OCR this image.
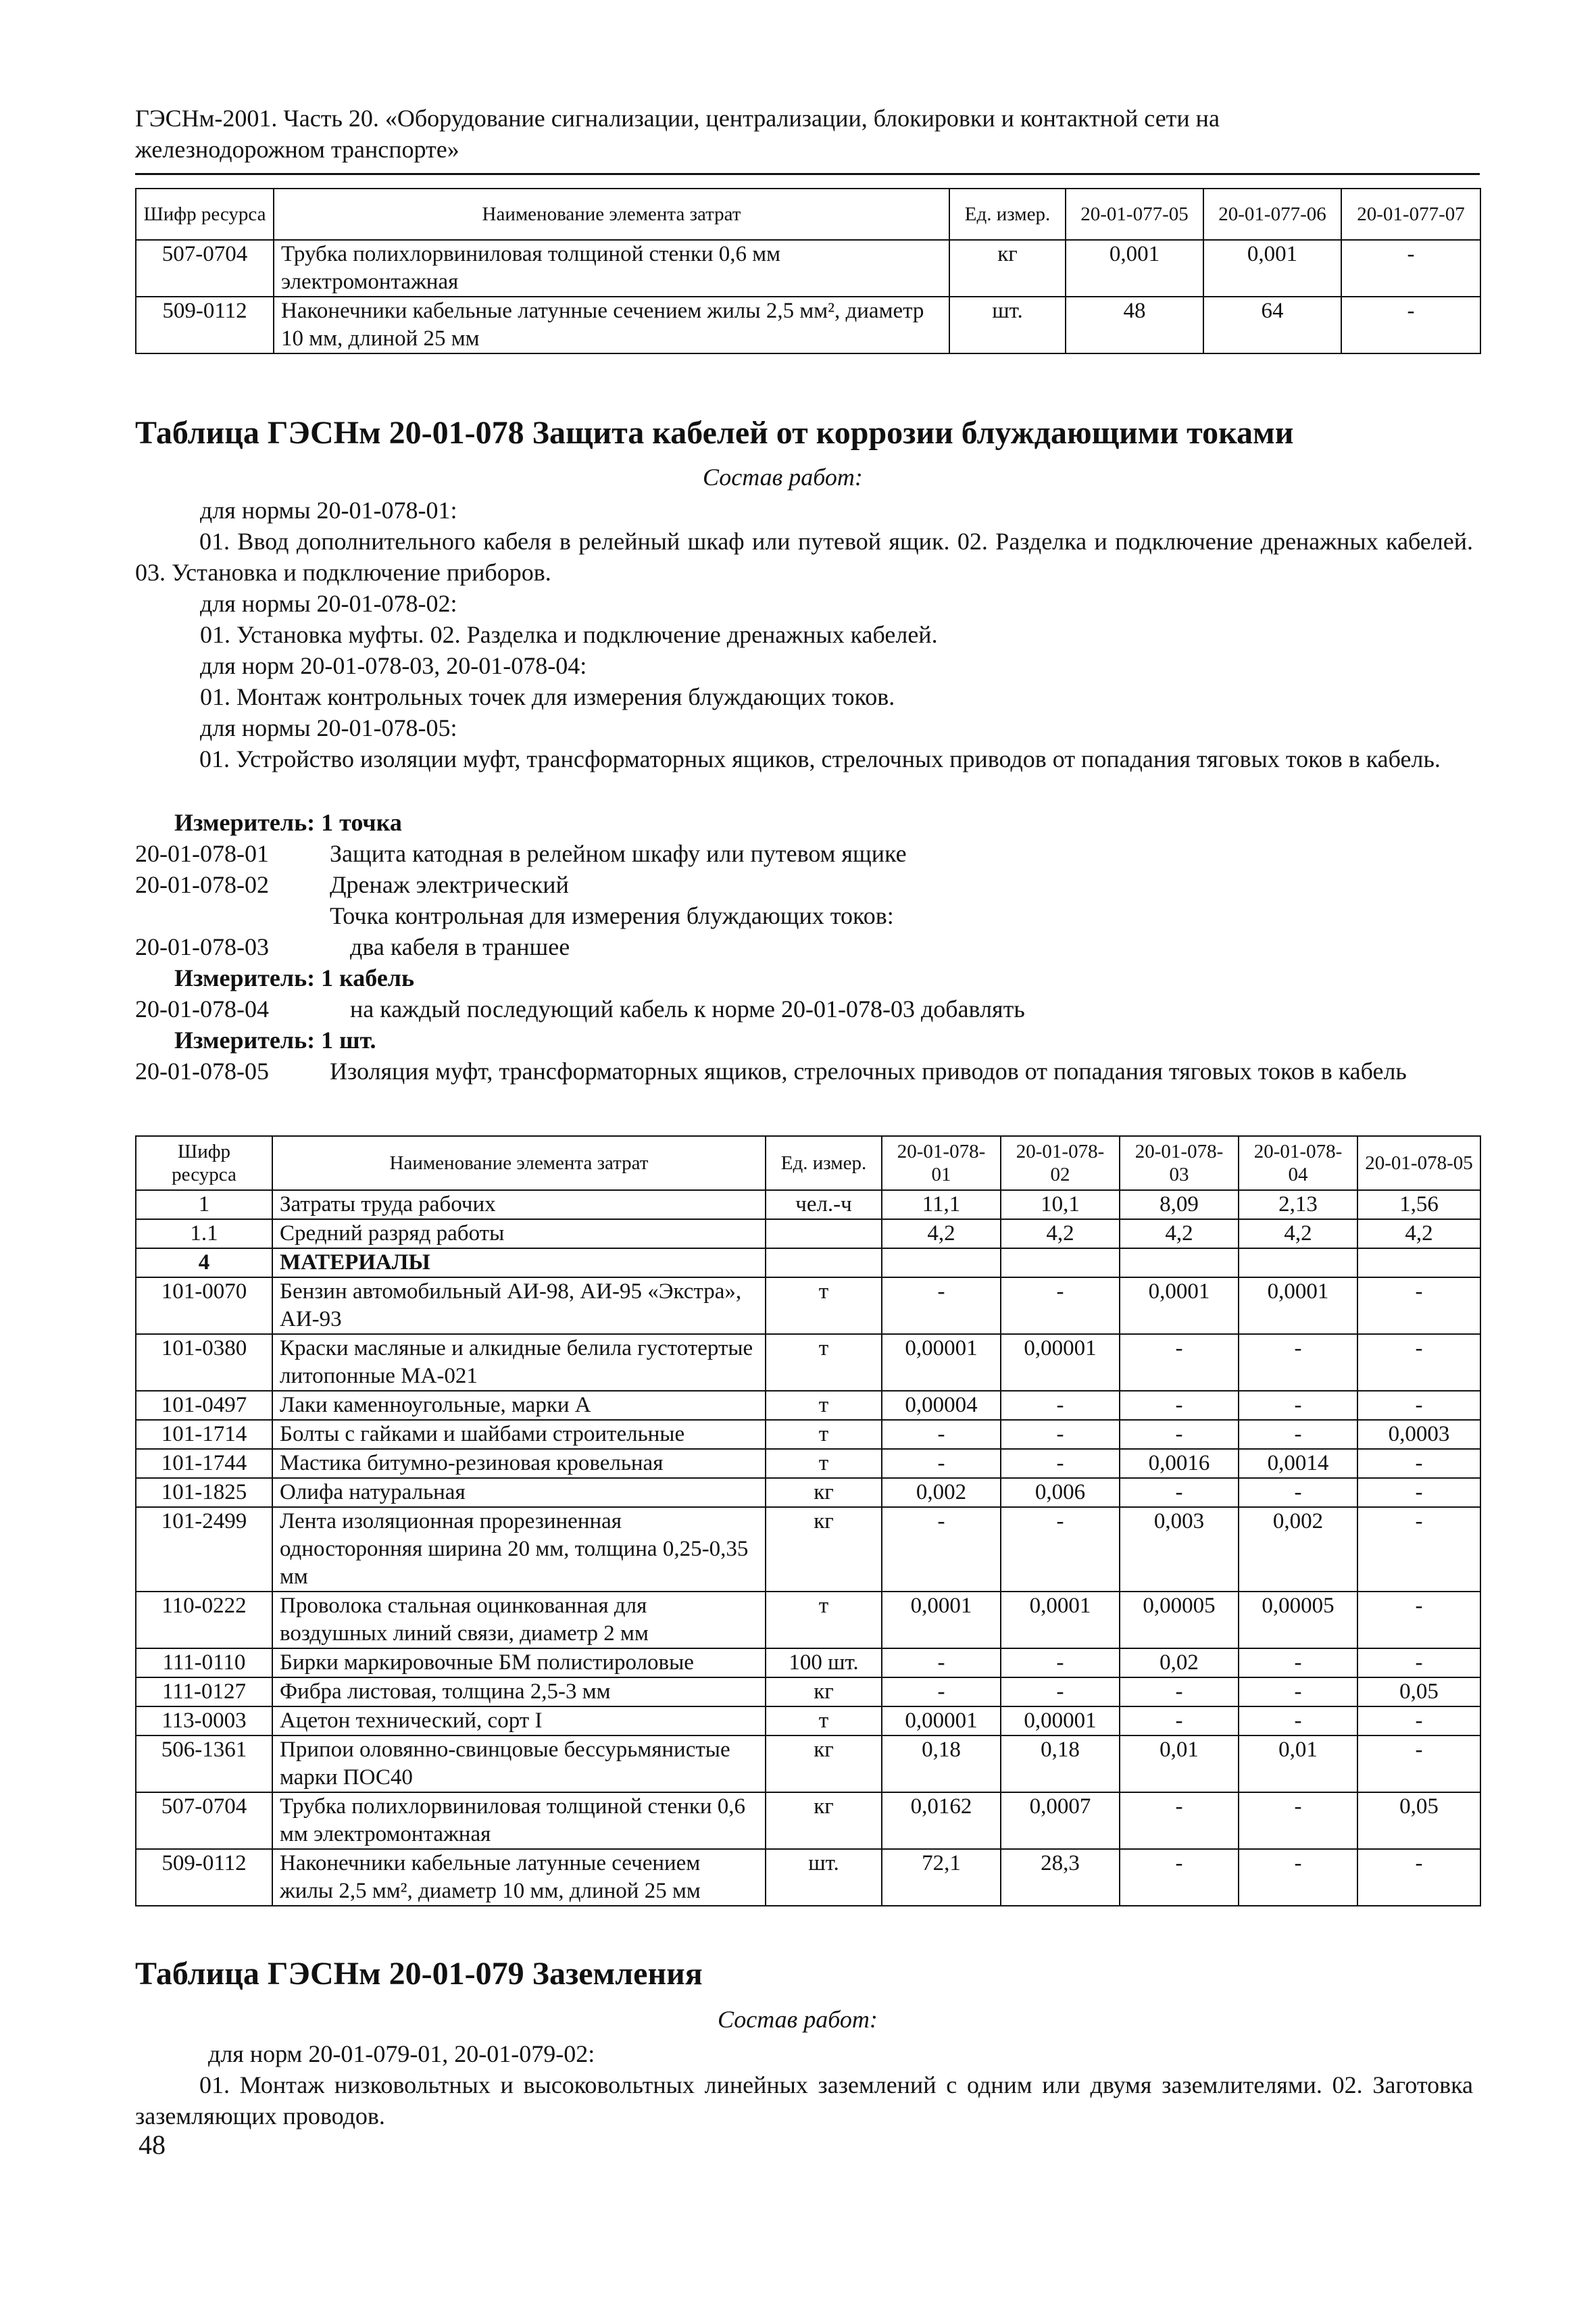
ГЭСНм-2001. Часть 20. «Оборудование сигнализации, централизации, блокировки и контактной сети на железнодорожном транспорте»
Шифр ресурса	Наименование элемента затрат	Ед. измер.	20-01-077-05	20-01-077-06	20-01-077-07
507-0704	Трубка полихлорвиниловая толщиной стенки 0,6 мм электромонтажная	кг	0,001	0,001	-
509-0112	Наконечники кабельные латунные сечением жилы 2,5 мм², диаметр 10 мм, длиной 25 мм	шт.	48	64	-
Таблица ГЭСНм 20-01-078 Защита кабелей от коррозии блуждающими токами
Состав работ:
для нормы 20-01-078-01:
01. Ввод дополнительного кабеля в релейный шкаф или путевой ящик. 02. Разделка и подключение дренажных кабелей. 03. Установка и подключение приборов.
для нормы 20-01-078-02:
01. Установка муфты. 02. Разделка и подключение дренажных кабелей.
для норм 20-01-078-03, 20-01-078-04:
01. Монтаж контрольных точек для измерения блуждающих токов.
для нормы 20-01-078-05:
01. Устройство изоляции муфт, трансформаторных ящиков, стрелочных приводов от попадания тяговых токов в кабель.
Измеритель: 1 точка
20-01-078-01	Защита катодная в релейном шкафу или путевом ящике
20-01-078-02	Дренаж электрический
Точка контрольная для измерения блуждающих токов:
20-01-078-03	два кабеля в траншее
Измеритель: 1 кабель
20-01-078-04	на каждый последующий кабель к норме 20-01-078-03 добавлять
Измеритель: 1 шт.
20-01-078-05	Изоляция муфт, трансформаторных ящиков, стрелочных приводов от попадания тяговых токов в кабель
Шифр ресурса	Наименование элемента затрат	Ед. измер.	20-01-078-01	20-01-078-02	20-01-078-03	20-01-078-04	20-01-078-05
1	Затраты труда рабочих	чел.-ч	11,1	10,1	8,09	2,13	1,56
1.1	Средний разряд работы		4,2	4,2	4,2	4,2	4,2
4	МАТЕРИАЛЫ						
101-0070	Бензин автомобильный АИ-98, АИ-95 «Экстра», АИ-93	т	-	-	0,0001	0,0001	-
101-0380	Краски масляные и алкидные белила густотертые литопонные МА-021	т	0,00001	0,00001	-	-	-
101-0497	Лаки каменноугольные, марки А	т	0,00004	-	-	-	-
101-1714	Болты с гайками и шайбами строительные	т	-	-	-	-	0,0003
101-1744	Мастика битумно-резиновая кровельная	т	-	-	0,0016	0,0014	-
101-1825	Олифа натуральная	кг	0,002	0,006	-	-	-
101-2499	Лента изоляционная прорезиненная односторонняя ширина 20 мм, толщина 0,25-0,35 мм	кг	-	-	0,003	0,002	-
110-0222	Проволока стальная оцинкованная для воздушных линий связи, диаметр 2 мм	т	0,0001	0,0001	0,00005	0,00005	-
111-0110	Бирки маркировочные БМ полистироловые	100 шт.	-	-	0,02	-	-
111-0127	Фибра листовая, толщина 2,5-3 мм	кг	-	-	-	-	0,05
113-0003	Ацетон технический, сорт I	т	0,00001	0,00001	-	-	-
506-1361	Припои оловянно-свинцовые бессурьмянистые марки ПОС40	кг	0,18	0,18	0,01	0,01	-
507-0704	Трубка полихлорвиниловая толщиной стенки 0,6 мм электромонтажная	кг	0,0162	0,0007	-	-	0,05
509-0112	Наконечники кабельные латунные сечением жилы 2,5 мм², диаметр 10 мм, длиной 25 мм	шт.	72,1	28,3	-	-	-
Таблица ГЭСНм 20-01-079 Заземления
Состав работ:
для норм 20-01-079-01, 20-01-079-02:
01. Монтаж низковольтных и высоковольтных линейных заземлений с одним или двумя заземлителями. 02. Заготовка заземляющих проводов.
48
